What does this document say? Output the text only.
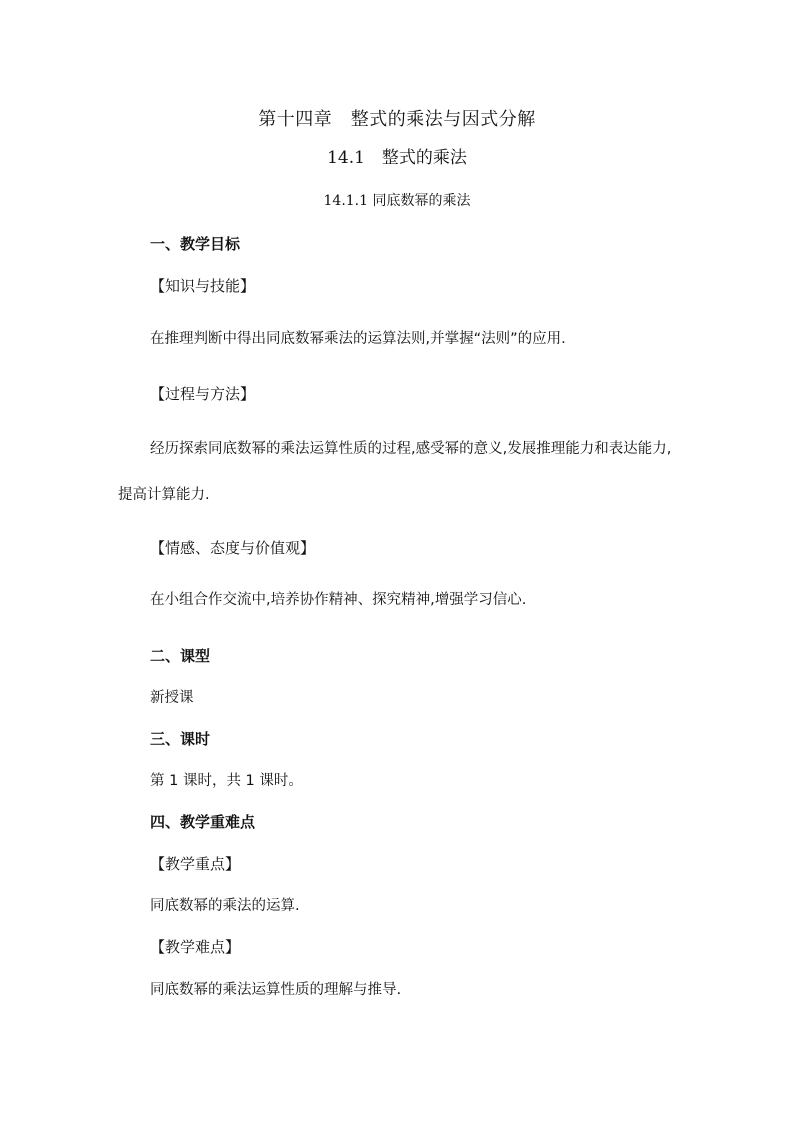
第十四章　整式的乘法与因式分解
14.1　整式的乘法
14.1.1 同底数幂的乘法
一、教学目标
【知识与技能】
在推理判断中得出同底数幂乘法的运算法则,并掌握“法则”的应用.
【过程与方法】
经历探索同底数幂的乘法运算性质的过程,感受幂的意义,发展推理能力和表达能力,提高计算能力.
【情感、态度与价值观】
在小组合作交流中,培养协作精神、探究精神,增强学习信心.
二、课型
新授课
三、课时
第 1 课时，共 1 课时。
四、教学重难点
【教学重点】
同底数幂的乘法的运算.
【教学难点】
同底数幂的乘法运算性质的理解与推导.
